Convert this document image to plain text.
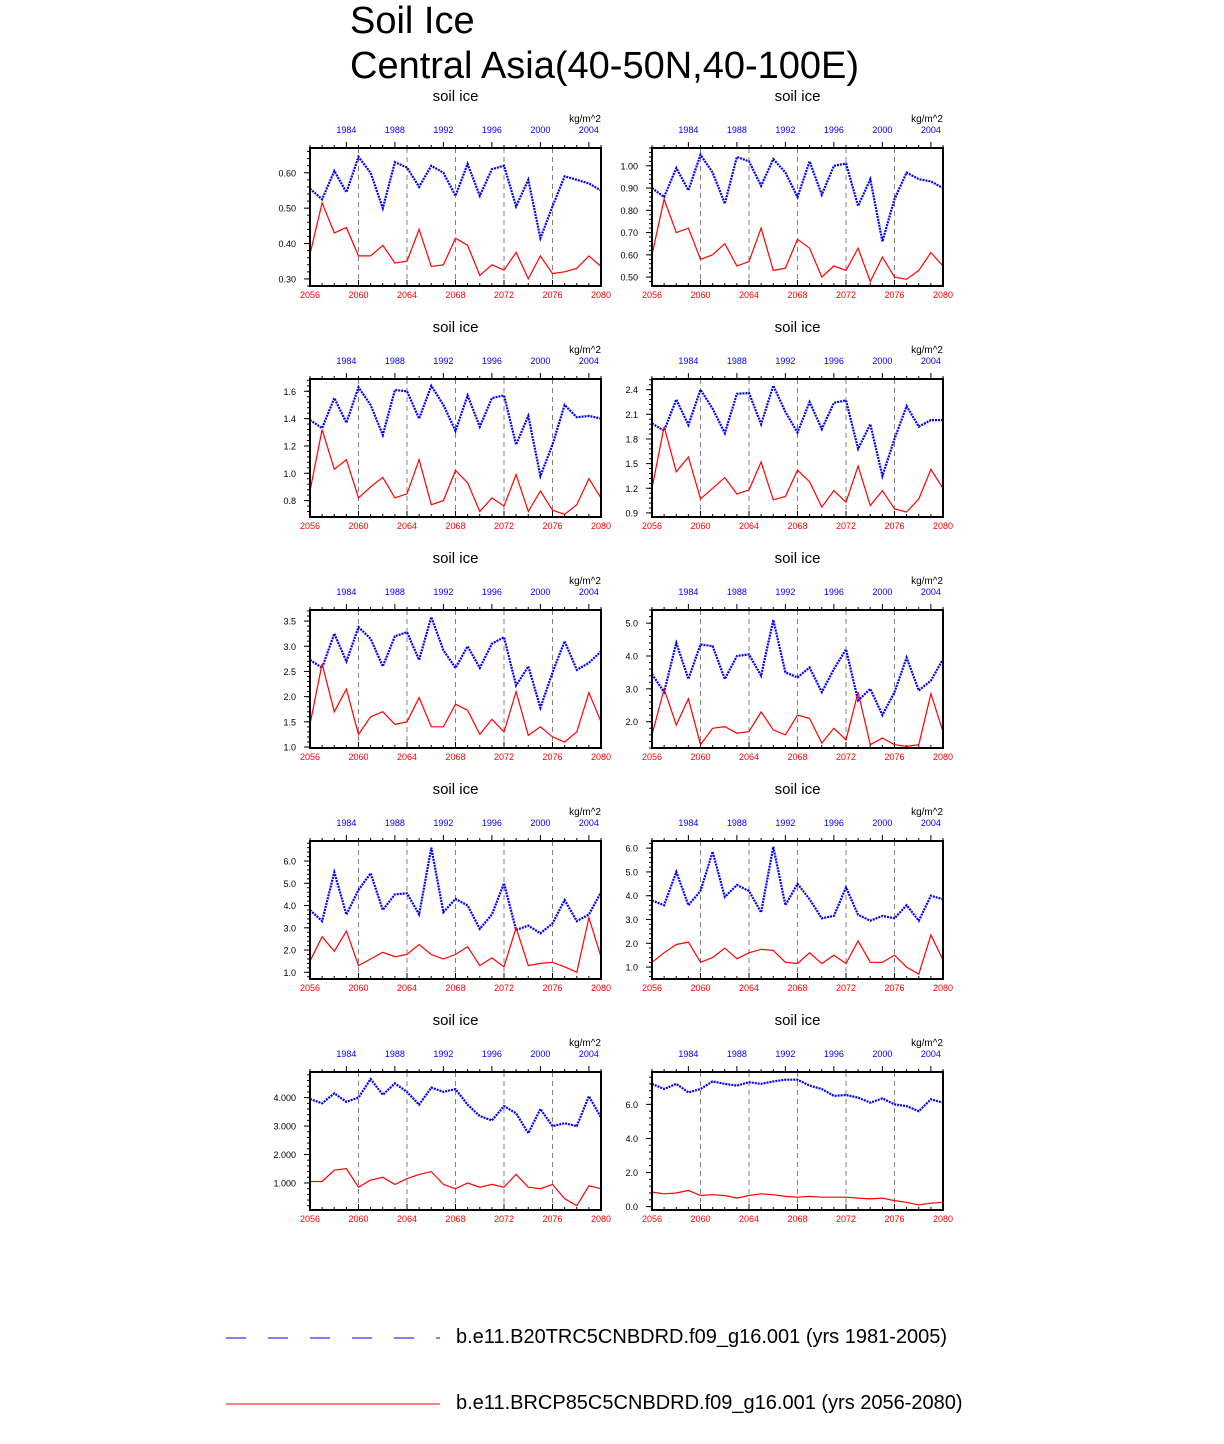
Soil Ice
Central Asia(40-50N,40-100E)
soil ice
kg/m^2
2056	2060	2064	2068	2072	2076	2080
1984	1988	1992	1996	2000	2004
0.30
0.40
0.50
0.60
soil ice
kg/m^2
2056	2060	2064	2068	2072	2076	2080
1984	1988	1992	1996	2000	2004
0.50
0.60
0.70
0.80
0.90
1.00
soil ice
kg/m^2
2056	2060	2064	2068	2072	2076	2080
1984	1988	1992	1996	2000	2004
0.8
1.0
1.2
1.4
1.6
soil ice
kg/m^2
2056	2060	2064	2068	2072	2076	2080
1984	1988	1992	1996	2000	2004
0.9
1.2
1.5
1.8
2.1
2.4
soil ice
kg/m^2
2056	2060	2064	2068	2072	2076	2080
1984	1988	1992	1996	2000	2004
1.0
1.5
2.0
2.5
3.0
3.5
soil ice
kg/m^2
2056	2060	2064	2068	2072	2076	2080
1984	1988	1992	1996	2000	2004
2.0
3.0
4.0
5.0
soil ice
kg/m^2
2056	2060	2064	2068	2072	2076	2080
1984	1988	1992	1996	2000	2004
1.0
2.0
3.0
4.0
5.0
6.0
soil ice
kg/m^2
2056	2060	2064	2068	2072	2076	2080
1984	1988	1992	1996	2000	2004
1.0
2.0
3.0
4.0
5.0
6.0
soil ice
kg/m^2
2056	2060	2064	2068	2072	2076	2080
1984	1988	1992	1996	2000	2004
1.000
2.000
3.000
4.000
soil ice
kg/m^2
2056	2060	2064	2068	2072	2076	2080
1984	1988	1992	1996	2000	2004
0.0
2.0
4.0
6.0
b.e11.B20TRC5CNBDRD.f09_g16.001 (yrs 1981-2005)
b.e11.BRCP85C5CNBDRD.f09_g16.001 (yrs 2056-2080)
